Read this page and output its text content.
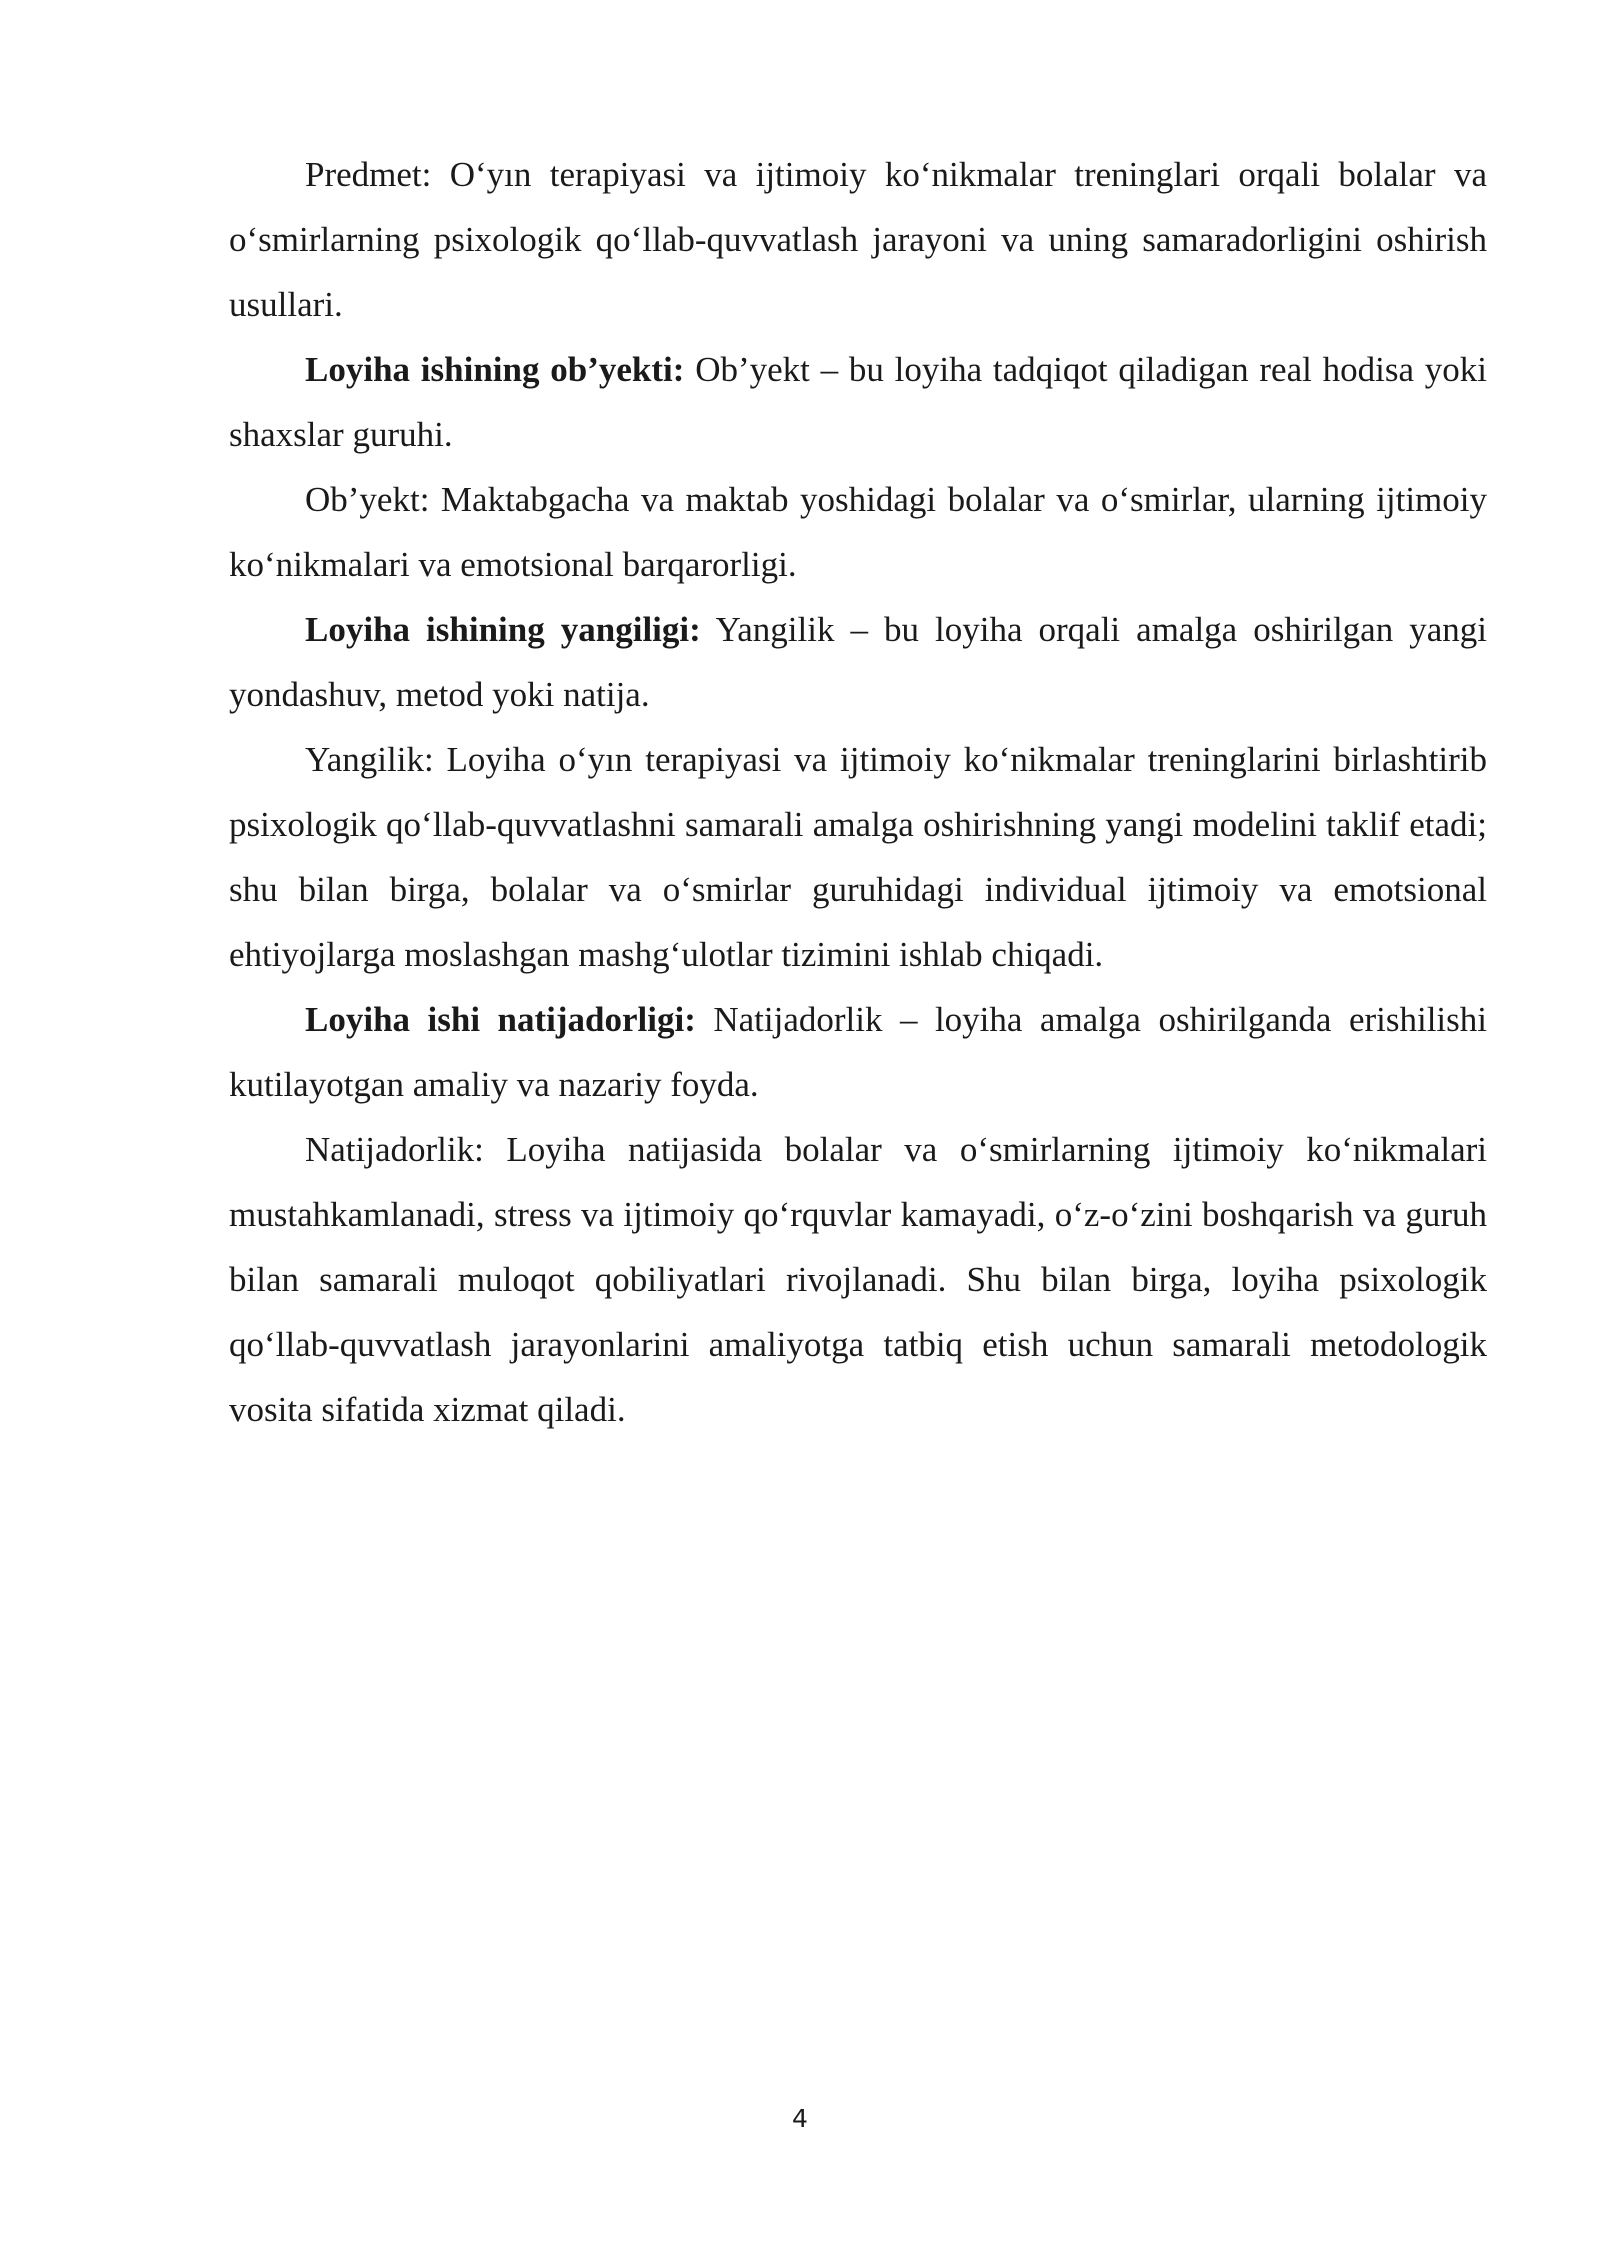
Predmet: O‘yın terapiyasi va ijtimoiy ko‘nikmalar treninglari orqali bolalar va o‘smirlarning psixologik qo‘llab-quvvatlash jarayoni va uning samaradorligini oshirish usullari.

Loyiha ishining ob’yekti: Ob’yekt – bu loyiha tadqiqot qiladigan real hodisa yoki shaxslar guruhi.

Ob’yekt: Maktabgacha va maktab yoshidagi bolalar va o‘smirlar, ularning ijtimoiy ko‘nikmalari va emotsional barqarorligi.

Loyiha ishining yangiligi: Yangilik – bu loyiha orqali amalga oshirilgan yangi yondashuv, metod yoki natija.

Yangilik: Loyiha o‘yın terapiyasi va ijtimoiy ko‘nikmalar treninglarini birlashtirib psixologik qo‘llab-quvvatlashni samarali amalga oshirishning yangi modelini taklif etadi; shu bilan birga, bolalar va o‘smirlar guruhidagi individual ijtimoiy va emotsional ehtiyojlarga moslashgan mashg‘ulotlar tizimini ishlab chiqadi.

Loyiha ishi natijadorligi: Natijadorlik – loyiha amalga oshirilganda erishilishi kutilayotgan amaliy va nazariy foyda.

Natijadorlik: Loyiha natijasida bolalar va o‘smirlarning ijtimoiy ko‘nikmalari mustahkamlanadi, stress va ijtimoiy qo‘rquvlar kamayadi, o‘z-o‘zini boshqarish va guruh bilan samarali muloqot qobiliyatlari rivojlanadi. Shu bilan birga, loyiha psixologik qo‘llab-quvvatlash jarayonlarini amaliyotga tatbiq etish uchun samarali metodologik vosita sifatida xizmat qiladi.

4
